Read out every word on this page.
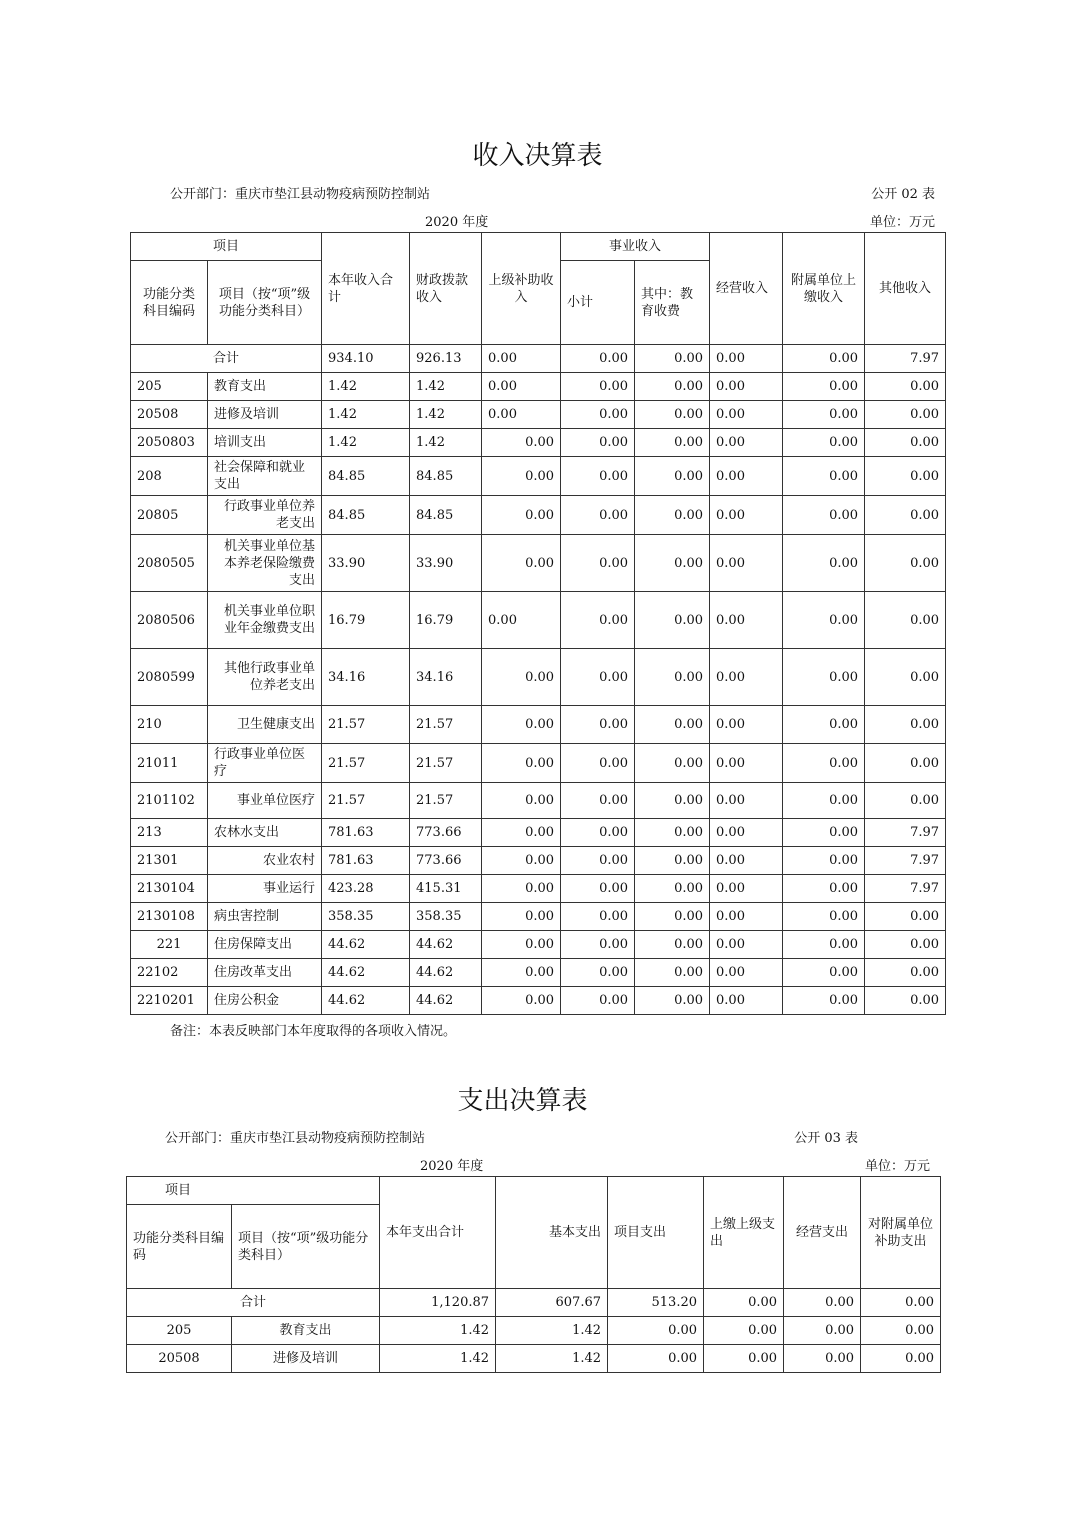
收入决算表
公开部门：重庆市垫江县动物疫病预防控制站	公开 02 表
2020 年度	单位：万元
项目		本年收入合计	财政拨款收入	上级补助收入	事业收入		经营收入	附属单位上缴收入	其他收入
功能分类科目编码	项目（按“项”级功能分类科目）				小计	其中：教育收费			
合计		934.10	926.13	0.00	0.00	0.00	0.00	0.00	7.97
205	教育支出	1.42	1.42	0.00	0.00	0.00	0.00	0.00	0.00
20508	进修及培训	1.42	1.42	0.00	0.00	0.00	0.00	0.00	0.00
2050803	培训支出	1.42	1.42	0.00	0.00	0.00	0.00	0.00	0.00
208	社会保障和就业支出	84.85	84.85	0.00	0.00	0.00	0.00	0.00	0.00
20805	行政事业单位养老支出	84.85	84.85	0.00	0.00	0.00	0.00	0.00	0.00
2080505	机关事业单位基本养老保险缴费支出	33.90	33.90	0.00	0.00	0.00	0.00	0.00	0.00
2080506	机关事业单位职业年金缴费支出	16.79	16.79	0.00	0.00	0.00	0.00	0.00	0.00
2080599	其他行政事业单位养老支出	34.16	34.16	0.00	0.00	0.00	0.00	0.00	0.00
210	卫生健康支出	21.57	21.57	0.00	0.00	0.00	0.00	0.00	0.00
21011	行政事业单位医疗	21.57	21.57	0.00	0.00	0.00	0.00	0.00	0.00
2101102	事业单位医疗	21.57	21.57	0.00	0.00	0.00	0.00	0.00	0.00
213	农林水支出	781.63	773.66	0.00	0.00	0.00	0.00	0.00	7.97
21301	农业农村	781.63	773.66	0.00	0.00	0.00	0.00	0.00	7.97
2130104	事业运行	423.28	415.31	0.00	0.00	0.00	0.00	0.00	7.97
2130108	病虫害控制	358.35	358.35	0.00	0.00	0.00	0.00	0.00	0.00
221	住房保障支出	44.62	44.62	0.00	0.00	0.00	0.00	0.00	0.00
22102	住房改革支出	44.62	44.62	0.00	0.00	0.00	0.00	0.00	0.00
2210201	住房公积金	44.62	44.62	0.00	0.00	0.00	0.00	0.00	0.00
备注：本表反映部门本年度取得的各项收入情况。
支出决算表
公开部门：重庆市垫江县动物疫病预防控制站	公开 03 表
2020 年度	单位：万元
项目		本年支出合计	基本支出	项目支出	上缴上级支出	经营支出	对附属单位补助支出
功能分类科目编码	项目（按“项”级功能分类科目）						
合计		1,120.87	607.67	513.20	0.00	0.00	0.00
205	教育支出	1.42	1.42	0.00	0.00	0.00	0.00
20508	进修及培训	1.42	1.42	0.00	0.00	0.00	0.00
